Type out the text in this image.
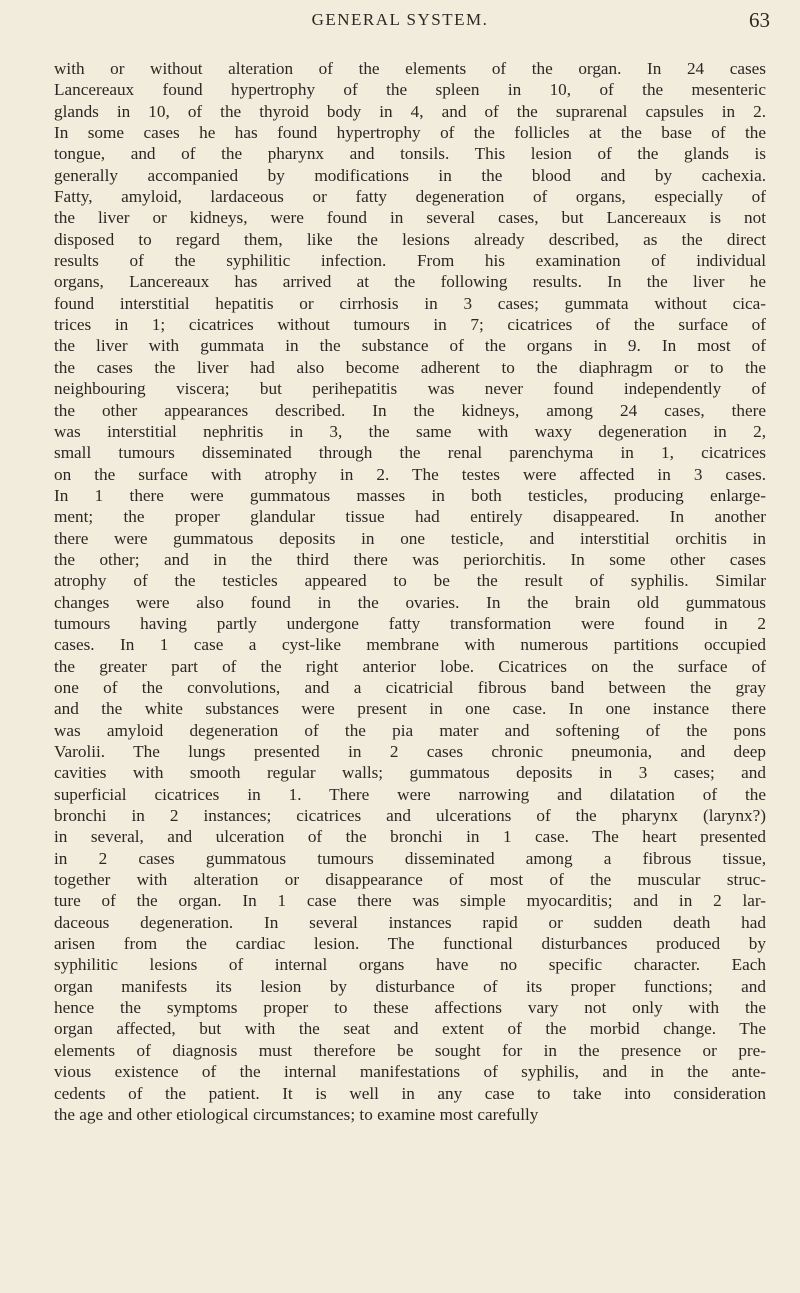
GENERAL SYSTEM.	63
with or without alteration of the elements of the organ. In 24 cases
Lancereaux found hypertrophy of the spleen in 10, of the mesenteric
glands in 10, of the thyroid body in 4, and of the suprarenal capsules in 2.
In some cases he has found hypertrophy of the follicles at the base of the
tongue, and of the pharynx and tonsils. This lesion of the glands is
generally accompanied by modifications in the blood and by cachexia.
Fatty, amyloid, lardaceous or fatty degeneration of organs, especially of
the liver or kidneys, were found in several cases, but Lancereaux is not
disposed to regard them, like the lesions already described, as the direct
results of the syphilitic infection. From his examination of individual
organs, Lancereaux has arrived at the following results. In the liver he
found interstitial hepatitis or cirrhosis in 3 cases; gummata without cica-
trices in 1; cicatrices without tumours in 7; cicatrices of the surface of
the liver with gummata in the substance of the organs in 9. In most of
the cases the liver had also become adherent to the diaphragm or to the
neighbouring viscera; but perihepatitis was never found independently of
the other appearances described. In the kidneys, among 24 cases, there
was interstitial nephritis in 3, the same with waxy degeneration in 2,
small tumours disseminated through the renal parenchyma in 1, cicatrices
on the surface with atrophy in 2. The testes were affected in 3 cases.
In 1 there were gummatous masses in both testicles, producing enlarge-
ment; the proper glandular tissue had entirely disappeared. In another
there were gummatous deposits in one testicle, and interstitial orchitis in
the other; and in the third there was periorchitis. In some other cases
atrophy of the testicles appeared to be the result of syphilis. Similar
changes were also found in the ovaries. In the brain old gummatous
tumours having partly undergone fatty transformation were found in 2
cases. In 1 case a cyst-like membrane with numerous partitions occupied
the greater part of the right anterior lobe. Cicatrices on the surface of
one of the convolutions, and a cicatricial fibrous band between the gray
and the white substances were present in one case. In one instance there
was amyloid degeneration of the pia mater and softening of the pons
Varolii. The lungs presented in 2 cases chronic pneumonia, and deep
cavities with smooth regular walls; gummatous deposits in 3 cases; and
superficial cicatrices in 1. There were narrowing and dilatation of the
bronchi in 2 instances; cicatrices and ulcerations of the pharynx (larynx?)
in several, and ulceration of the bronchi in 1 case. The heart presented
in 2 cases gummatous tumours disseminated among a fibrous tissue,
together with alteration or disappearance of most of the muscular struc-
ture of the organ. In 1 case there was simple myocarditis; and in 2 lar-
daceous degeneration. In several instances rapid or sudden death had
arisen from the cardiac lesion. The functional disturbances produced by
syphilitic lesions of internal organs have no specific character. Each
organ manifests its lesion by disturbance of its proper functions; and
hence the symptoms proper to these affections vary not only with the
organ affected, but with the seat and extent of the morbid change. The
elements of diagnosis must therefore be sought for in the presence or pre-
vious existence of the internal manifestations of syphilis, and in the ante-
cedents of the patient. It is well in any case to take into consideration
the age and other etiological circumstances; to examine most carefully
